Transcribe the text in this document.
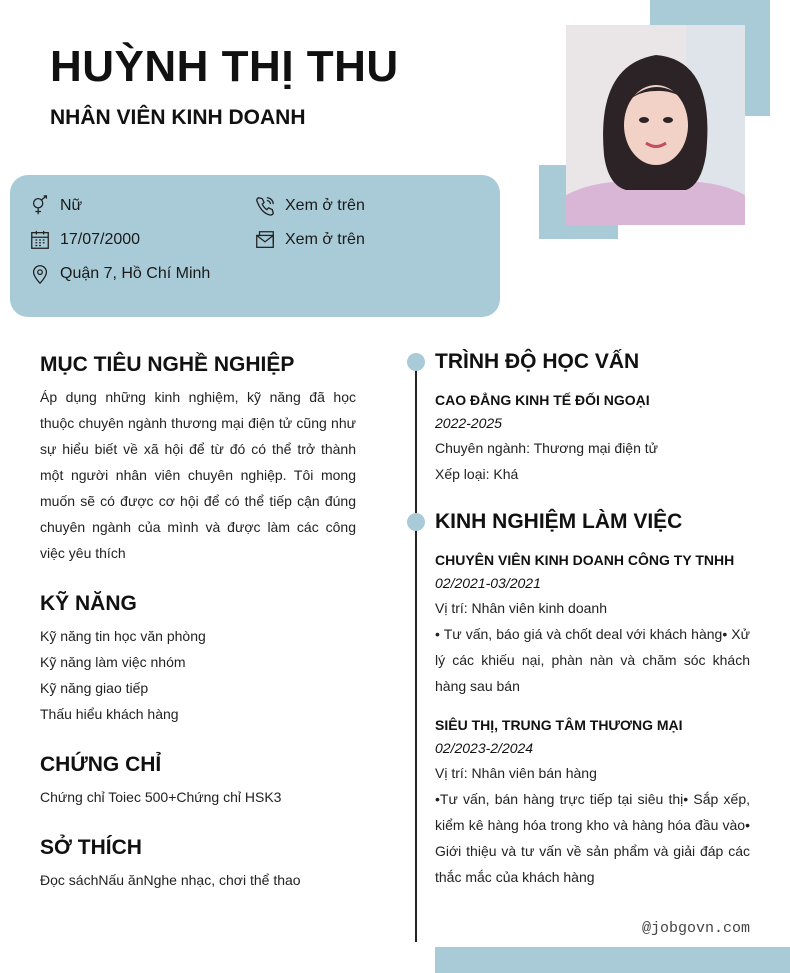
HUỲNH THỊ THU
NHÂN VIÊN KINH DOANH
Nữ	Xem ở trên
17/07/2000	Xem ở trên
Quận 7, Hồ Chí Minh
MỤC TIÊU NGHỀ NGHIỆP
Áp dụng những kinh nghiệm, kỹ năng đã học thuộc chuyên ngành thương mại điện tử cũng như sự hiểu biết về xã hội để từ đó có thể trở thành một người nhân viên chuyên nghiệp. Tôi mong muốn sẽ có được cơ hội để có thể tiếp cận đúng chuyên ngành của mình và được làm các công việc yêu thích
KỸ NĂNG
Kỹ năng tin học văn phòng
Kỹ năng làm việc nhóm
Kỹ năng giao tiếp
Thấu hiểu khách hàng
CHỨNG CHỈ
Chứng chỉ Toiec 500+Chứng chỉ HSK3
SỞ THÍCH
Đọc sáchNấu ănNghe nhạc, chơi thể thao
TRÌNH ĐỘ HỌC VẤN
CAO ĐẲNG KINH TẾ ĐỐI NGOẠI
2022-2025
Chuyên ngành: Thương mại điện tử
Xếp loại: Khá
KINH NGHIỆM LÀM VIỆC
CHUYÊN VIÊN KINH DOANH CÔNG TY TNHH
02/2021-03/2021
Vị trí: Nhân viên kinh doanh
• Tư vấn, báo giá và chốt deal với khách hàng• Xử lý các khiếu nại, phàn nàn và chăm sóc khách hàng sau bán
SIÊU THỊ, TRUNG TÂM THƯƠNG MẠI
02/2023-2/2024
Vị trí: Nhân viên bán hàng
•Tư vấn, bán hàng trực tiếp tại siêu thị• Sắp xếp, kiểm kê hàng hóa trong kho và hàng hóa đầu vào• Giới thiệu và tư vấn về sản phẩm và giải đáp các thắc mắc của khách hàng
@jobgovn.com
